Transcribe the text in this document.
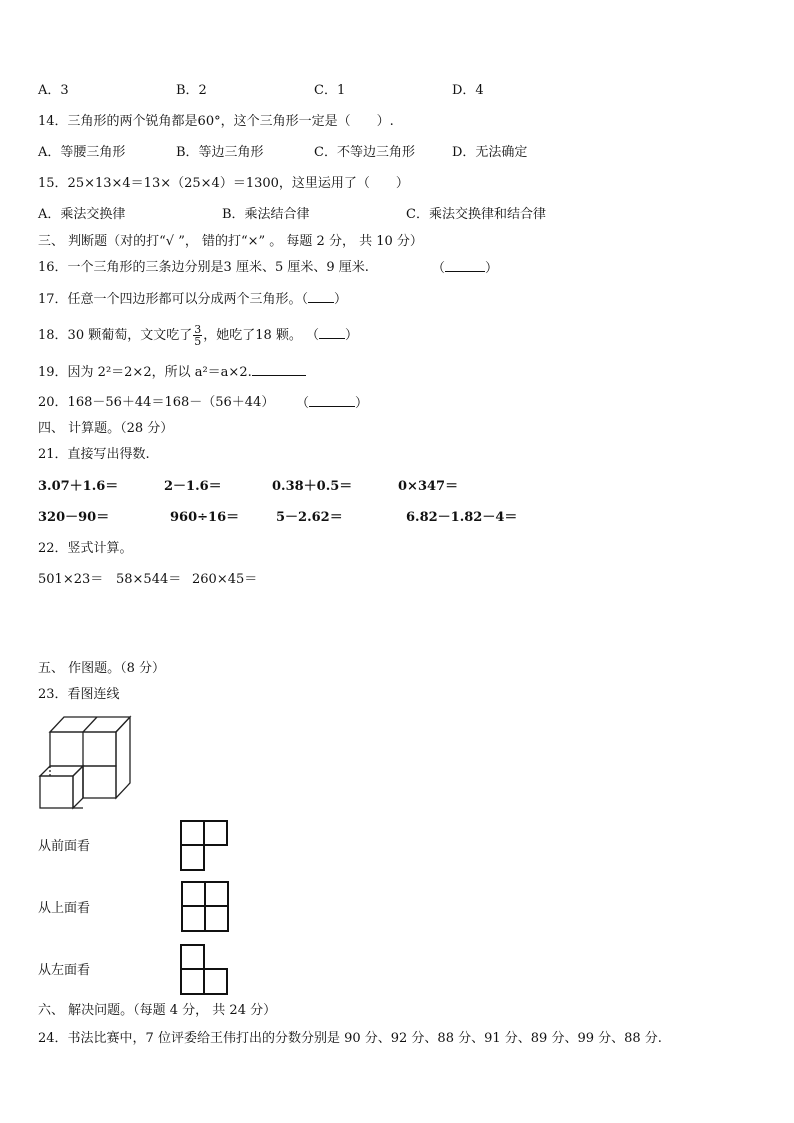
A．3	B．2	C．1	D．4
14．三角形的两个锐角都是60°，这个三角形一定是（　　）.
A．等腰三角形	B．等边三角形	C．不等边三角形	D．无法确定
15．25×13×4＝13×（25×4）＝1300，这里运用了（　　）
A．乘法交换律	B．乘法结合律	C．乘法交换律和结合律
三、 判断题（对的打“√ ”， 错的打“×” 。 每题 2 分， 共 10 分）
16．一个三角形的三条边分别是3 厘米、5 厘米、9 厘米.	（	）
17．任意一个四边形都可以分成两个三角形。（ ）
18．30 颗葡萄，文文吃了 $\frac{3}{5}$ ，她吃了18 颗。 （ ）
19．因为 2²＝2×2，所以 a²＝a×2.
20．168－56＋44＝168－（56＋44） （	）
四、 计算题。（28 分）
21．直接写出得数.
3.07＋1.6＝	2－1.6＝	0.38＋0.5＝	0×347＝
320－90＝	960÷16＝	5－2.62＝	6.82－1.82－4＝
22．竖式计算。
501×23＝ 58×544＝ 260×45＝
五、 作图题。（8 分）
23．看图连线
从前面看
从上面看
从左面看
六、 解决问题。（每题 4 分， 共 24 分）
24．书法比赛中，7 位评委给王伟打出的分数分别是 90 分、92 分、88 分、91 分、89 分、99 分、88 分.
